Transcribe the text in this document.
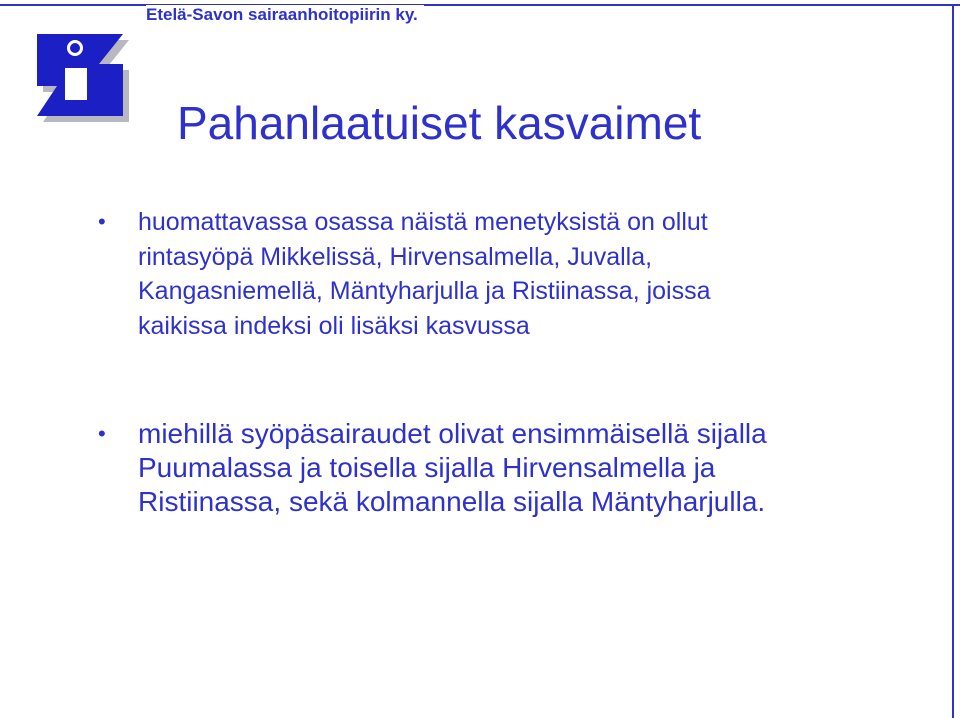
Etelä-Savon sairaanhoitopiirin ky.
Pahanlaatuiset kasvaimet
• huomattavassa osassa näistä menetyksistä on ollut
rintasyöpä Mikkelissä, Hirvensalmella, Juvalla,
Kangasniemellä, Mäntyharjulla ja Ristiinassa, joissa
kaikissa indeksi oli lisäksi kasvussa
• miehillä syöpäsairaudet olivat ensimmäisellä sijalla
Puumalassa ja toisella sijalla Hirvensalmella ja
Ristiinassa, sekä kolmannella sijalla Mäntyharjulla.
